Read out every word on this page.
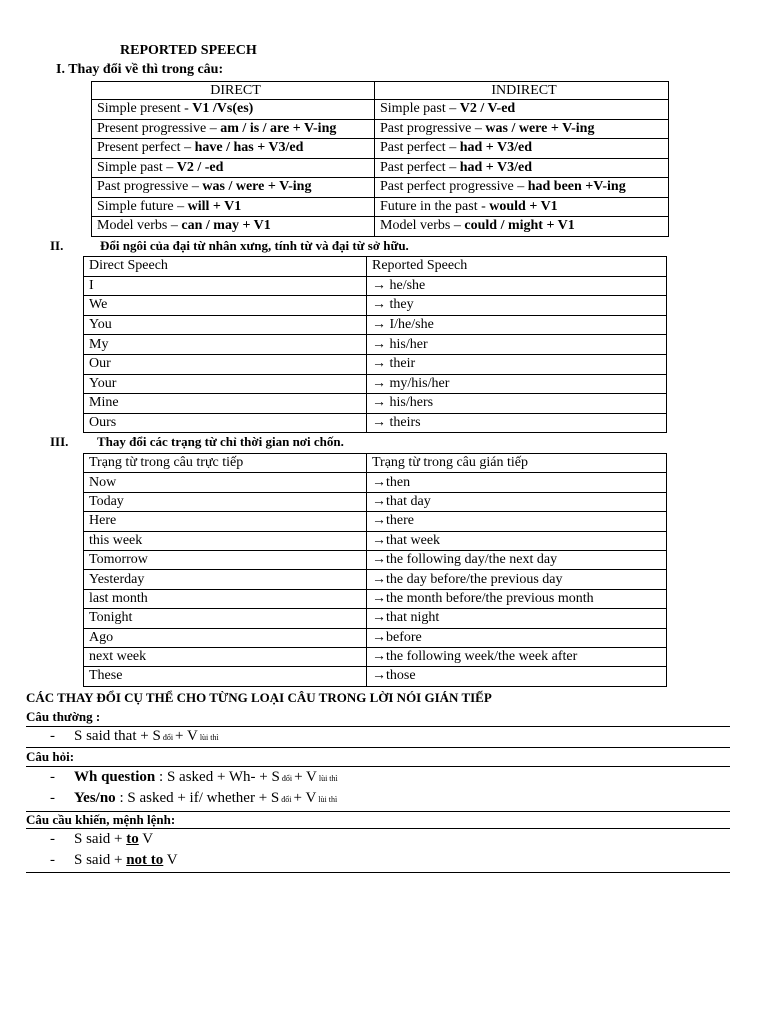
REPORTED SPEECH
I. Thay đổi về thì trong câu:
DIRECT	INDIRECT
Simple present - V1 /Vs(es)	Simple past – V2 / V-ed
Present progressive – am / is / are + V-ing	Past progressive – was / were + V-ing
Present perfect – have / has + V3/ed	Past perfect – had + V3/ed
Simple past – V2 / -ed	Past perfect – had + V3/ed
Past progressive – was / were + V-ing	Past perfect progressive – had been +V-ing
Simple future – will + V1	Future in the past - would + V1
Model verbs – can / may + V1	Model verbs – could / might + V1
II.	Đổi ngôi của đại từ nhân xưng, tính từ và đại từ sở hữu.
Direct Speech	Reported Speech
I	→ he/she
We	→ they
You	→ I/he/she
My	→ his/her
Our	→ their
Your	→ my/his/her
Mine	→ his/hers
Ours	→ theirs
III. Thay đổi các trạng từ chỉ thời gian nơi chốn.
Trạng từ trong câu trực tiếp	Trạng từ trong câu gián tiếp
Now	→then
Today	→that day
Here	→there
this week	→that week
Tomorrow	→the following day/the next day
Yesterday	→the day before/the previous day
last month	→the month before/the previous month
Tonight	→that night
Ago	→before
next week	→the following week/the week after
These	→those
CÁC THAY ĐỔI CỤ THỂ CHO TỪNG LOẠI CÂU TRONG LỜI NÓI GIÁN TIẾP
Câu thường :
- S said that + S đổi + V lùi thì
Câu hỏi:
- Wh question : S asked + Wh- + S đổi + V lùi thì
- Yes/no : S asked + if/ whether + S đổi + V lùi thì
Câu cầu khiến, mệnh lệnh:
- S said + to V
- S said + not to V
